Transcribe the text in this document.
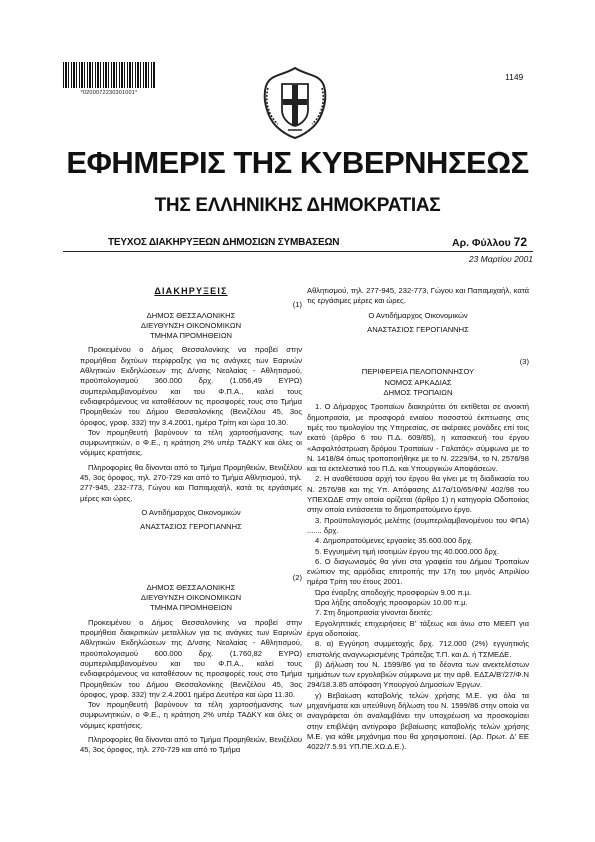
*0200072230301001*
1149
ΕΦΗΜΕΡΙΣ ΤΗΣ ΚΥΒΕΡΝΗΣΕΩΣ
ΤΗΣ ΕΛΛΗΝΙΚΗΣ ΔΗΜΟΚΡΑΤΙΑΣ
ΤΕΥΧΟΣ ΔΙΑΚΗΡΥΞΕΩΝ ΔΗΜΟΣΙΩΝ ΣΥΜΒΑΣΕΩΝ	Αρ. Φύλλου 72
23 Μαρτίου 2001
ΔΙΑΚΗΡΥΞΕΙΣ

(1)

ΔΗΜΟΣ ΘΕΣΣΑΛΟΝΙΚΗΣ

ΔΙΕΥΘΥΝΣΗ ΟΙΚΟΝΟΜΙΚΩΝ

ΤΜΗΜΑ ΠΡΟΜΗΘΕΙΩΝ

Προκειμένου ο Δήμος Θεσσαλονίκης να προβεί στην προμήθεια διχτύων περίφραξης για τις ανάγκες των Εαρινών Αθλητικών Εκδηλώσεων της Δ/νσης Νεολαίας - Αθλητισμού, προϋπολογισμού 360.000 δρχ. (1.056,49 ΕΥΡΩ) συμπεριλαμβανομένου και του Φ.Π.Α., καλεί τους ενδιαφερόμενους να καταθέσουν τις προσφορές τους στο Τμήμα Προμηθειών του Δήμου Θεσσαλονίκης (Βενιζέλου 45, 3ος όροφος, γραφ. 332) την 3.4.2001, ημέρα Τρίτη και ώρα 10.30.

Τον προμηθευτή βαρύνουν τα τέλη χαρτοσήμανσης των συμφωνητικών, ο Φ.Ε., η κράτηση 2% υπέρ ΤΑΔΚΥ και όλες οι νόμιμες κρατήσεις.

Πληροφορίες θα δίνονται από το Τμήμα Προμηθειών, Βενιζέλου 45, 3ος όροφος, τηλ. 270-729 και από το Τμήμα Αθλητισμού, τηλ. 277-945, 232-773, Γώγου και Παπαμιχαήλ, κατά τις εργάσιμες μέρες και ώρες.

Ο Αντιδήμαρχος Οικονομικών

ΑΝΑΣΤΑΣΙΟΣ ΓΕΡΟΓΙΑΝΝΗΣ

(2)

ΔΗΜΟΣ ΘΕΣΣΑΛΟΝΙΚΗΣ

ΔΙΕΥΘΥΝΣΗ ΟΙΚΟΝΟΜΙΚΩΝ

ΤΜΗΜΑ ΠΡΟΜΗΘΕΙΩΝ

Προκειμένου ο Δήμος Θεσσαλονίκης να προβεί στην προμήθεια διακριτικών μεταλλίων για τις ανάγκες των Εαρινών Αθλητικών Εκδηλώσεων της Δ/νσης Νεολαίας - Αθλητισμού, προϋπολογισμού 600.000 δρχ. (1.760,82 ΕΥΡΩ) συμπεριλαμβανομένου και του Φ.Π.Α., καλεί τους ενδιαφερόμενους να καταθέσουν τις προσφορές τους στο Τμήμα Προμηθειών του Δήμου Θεσσαλονίκης (Βενιζέλου 45, 3ος όροφος, γραφ. 332) την 2.4.2001 ημέρα Δευτέρα και ώρα 11.30.

Τον προμηθευτή βαρύνουν τα τέλη χαρτοσήμανσης των συμφωνητικών, ο Φ.Ε., η κράτηση 2% υπέρ ΤΑΔΚΥ και όλες οι νόμιμες κρατήσεις.

Πληροφορίες θα δίνονται από το Τμήμα Προμηθειών, Βενιζέλου 45, 3ος όροφος, τηλ. 270-729 και από το Τμήμα

Αθλητισμού, τηλ. 277-945, 232-773, Γώγου και Παπαμιχαήλ, κατά τις εργάσιμες μέρες και ώρες.

Ο Αντιδήμαρχος Οικονομικών

ΑΝΑΣΤΑΣΙΟΣ ΓΕΡΟΓΙΑΝΝΗΣ

(3)

ΠΕΡΙΦΕΡΕΙΑ ΠΕΛΟΠΟΝΝΗΣΟΥ

ΝΟΜΟΣ ΑΡΚΑΔΙΑΣ

ΔΗΜΟΣ ΤΡΟΠΑΙΩΝ

1. Ο Δήμαρχος Τροπαίων διακηρύττει ότι εκτίθεται σε ανοικτή δημοπρασία, με προσφορά ενιαίου ποσοστού έκπτωσης στις τιμές του τιμολογίου της Υπηρεσίας, σε ακέραιες μονάδες επί τοις εκατό (άρθρο 6 του Π.Δ. 609/85), η κατασκευή του έργου «Ασφαλτόστρωση δρόμου Τροπαίων - Γαλατάς» σύμφωνα με το Ν. 1418/84 όπως τροποποιήθηκε με το Ν. 2229/94, το Ν. 2576/98 και τα εκτελεστικά του Π.Δ. και Υπουργικών Αποφάσεων.

2. Η αναθέτουσα αρχή του έργου θα γίνει με τη διαδικασία του Ν. 2576/98 και της Υπ. Απόφασης Δ17α/10/65/ΦΝ/ 402/98 του ΥΠΕΧΩΔΕ στην οποία ορίζεται (άρθρο 1) η κατηγορία Οδοποιίας στην οποία εντάσσεται το δημοπρατούμενο έργο.

3. Προϋπολογισμός μελέτης (συμπεριλαμβανομένου του ΦΠΑ) ....... δρχ.

4. Δημοπρατούμενες εργασίες 35.600.000 δρχ.

5. Εγγυημένη τιμή ισοτιμών έργου της 40.000.000 δρχ.

6. Ο διαγωνισμός θα γίνει στα γραφεία του Δήμου Τροπαίων ενώπιον της αρμόδιας επιτροπής την 17η του μηνός Απριλίου ημέρα Τρίτη του έτους 2001.

Ώρα έναρξης αποδοχής προσφορών 9.00 π.μ.

Ώρα λήξης αποδοχής προσφορών 10.00 π.μ.

7. Στη δημοπρασία γίνονται δεκτές:

Εργοληπτικές επιχειρήσεις Β' τάξεως και άνω στο ΜΕΕΠ για έργα οδοποιίας.

8. α) Εγγύηση συμμετοχής δρχ. 712.000 (2%) εγγυητικής επιστολής αναγνωρισμένης Τράπεζας Τ.Π. και Δ. ή ΤΣΜΕΔΕ.

β) Δήλωση του Ν. 1599/86 για το δέοντα των ανεκτελέστων τμημάτων των εργολαβιών σύμφωνα με την αρθ. ΕΔΣΑ/Β'/27/Φ.Ν 294/18.3.85 απόφαση Υπουργού Δημοσίων Έργων.

γ) Βεβαίωση καταβολής τελών χρήσης Μ.Ε. για όλα τα μηχανήματα και υπεύθυνη δήλωση του Ν. 1599/86 στην οποία να αναγράφεται ότι αναλαμβάνει την υποχρέωση να προσκομίσει στην επιβλέψη αντίγραφο βεβαίωσης καταβολής τελών χρήσης Μ.Ε. για κάθε μηχάνημα που θα χρησιμοποιεί. (Αρ. Πρωτ. Δ' ΕΕ 4022/7.5.91 ΥΠ.ΠΕ.ΧΩ.Δ.Ε.).
